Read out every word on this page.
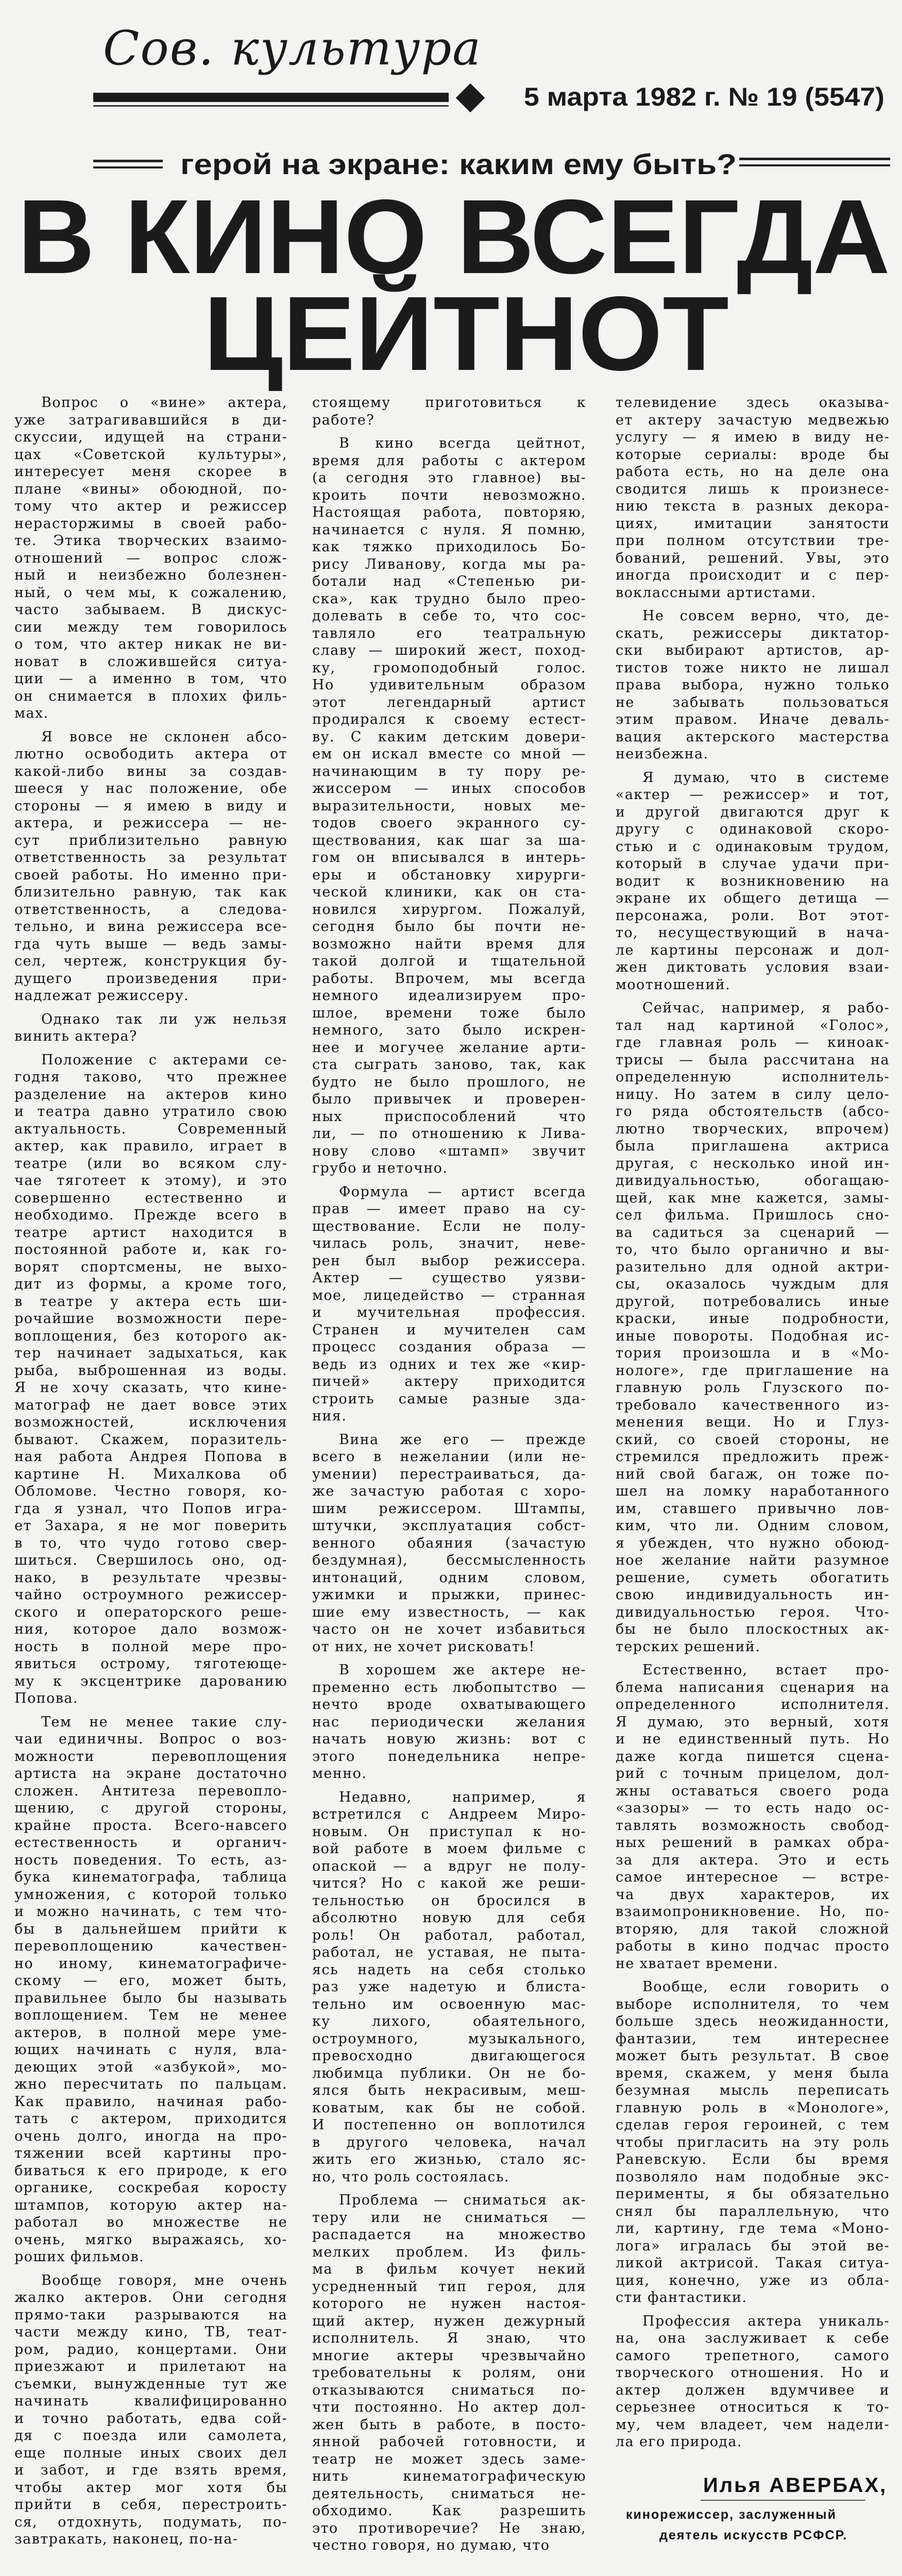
Сов. культура
5 марта 1982 г. № 19 (5547)
герой на экране: каким ему быть?
В КИНО ВСЕГДА
ЦЕЙТНОТ
Вопрос о «вине» актера,
уже затрагивавшийся в ди-
скуссии, идущей на страни-
цах «Советской культуры»,
интересует меня скорее в
плане «вины» обоюдной, по-
тому что актер и режиссер
нерасторжимы в своей рабо-
те. Этика творческих взаимо-
отношений — вопрос слож-
ный и неизбежно болезнен-
ный, о чем мы, к сожалению,
часто забываем. В дискус-
сии между тем говорилось
о том, что актер никак не ви-
новат в сложившейся ситуа-
ции — а именно в том, что
он снимается в плохих филь-
мах.
Я вовсе не склонен абсо-
лютно освободить актера от
какой-либо вины за создав-
шееся у нас положение, обе
стороны — я имею в виду и
актера, и режиссера — не-
сут приблизительно равную
ответственность за результат
своей работы. Но именно при-
близительно равную, так как
ответственность, а следова-
тельно, и вина режиссера все-
гда чуть выше — ведь замы-
сел, чертеж, конструкция бу-
дущего произведения при-
надлежат режиссеру.
Однако так ли уж нельзя
винить актера?
Положение с актерами се-
годня таково, что прежнее
разделение на актеров кино
и театра давно утратило свою
актуальность. Современный
актер, как правило, играет в
театре (или во всяком слу-
чае тяготеет к этому), и это
совершенно естественно и
необходимо. Прежде всего в
театре артист находится в
постоянной работе и, как го-
ворят спортсмены, не выхо-
дит из формы, а кроме того,
в театре у актера есть ши-
рочайшие возможности пере-
воплощения, без которого ак-
тер начинает задыхаться, как
рыба, выброшенная из воды.
Я не хочу сказать, что кине-
матограф не дает вовсе этих
возможностей, исключения
бывают. Скажем, поразитель-
ная работа Андрея Попова в
картине Н. Михалкова об
Обломове. Честно говоря, ко-
гда я узнал, что Попов игра-
ет Захара, я не мог поверить
в то, что чудо готово свер-
шиться. Свершилось оно, од-
нако, в результате чрезвы-
чайно остроумного режиссер-
ского и операторского реше-
ния, которое дало возмож-
ность в полной мере про-
явиться острому, тяготеюще-
му к эксцентрике дарованию
Попова.
Тем не менее такие слу-
чаи единичны. Вопрос о воз-
можности перевоплощения
артиста на экране достаточно
сложен. Антитеза перевопло-
щению, с другой стороны,
крайне проста. Всего-навсего
естественность и органич-
ность поведения. То есть, аз-
бука кинематографа, таблица
умножения, с которой только
и можно начинать, с тем что-
бы в дальнейшем прийти к
перевоплощению качествен-
но иному, кинематографиче-
скому — его, может быть,
правильнее было бы называть
воплощением. Тем не менее
актеров, в полной мере уме-
ющих начинать с нуля, вла-
деющих этой «азбукой», мо-
жно пересчитать по пальцам.
Как правило, начиная рабо-
тать с актером, приходится
очень долго, иногда на про-
тяжении всей картины про-
биваться к его природе, к его
органике, соскребая коросту
штампов, которую актер на-
работал во множестве не
очень, мягко выражаясь, хо-
роших фильмов.
Вообще говоря, мне очень
жалко актеров. Они сегодня
прямо-таки разрываются на
части между кино, ТВ, теат-
ром, радио, концертами. Они
приезжают и прилетают на
съемки, вынужденные тут же
начинать квалифицированно
и точно работать, едва сой-
дя с поезда или самолета,
еще полные иных своих дел
и забот, и где взять время,
чтобы актер мог хотя бы
прийти в себя, перестроить-
ся, отдохнуть, подумать, по-
завтракать, наконец, по-на-
стоящему приготовиться к
работе?
В кино всегда цейтнот,
время для работы с актером
(а сегодня это главное) вы-
кроить почти невозможно.
Настоящая работа, повторяю,
начинается с нуля. Я помню,
как тяжко приходилось Бо-
рису Ливанову, когда мы ра-
ботали над «Степенью ри-
ска», как трудно было прео-
долевать в себе то, что сос-
тавляло его театральную
славу — широкий жест, поход-
ку, громоподобный голос.
Но удивительным образом
этот легендарный артист
продирался к своему естест-
ву. С каким детским довери-
ем он искал вместе со мной —
начинающим в ту пору ре-
жиссером — иных способов
выразительности, новых ме-
тодов своего экранного су-
ществования, как шаг за ша-
гом он вписывался в интерь-
еры и обстановку хирурги-
ческой клиники, как он ста-
новился хирургом. Пожалуй,
сегодня было бы почти не-
возможно найти время для
такой долгой и тщательной
работы. Впрочем, мы всегда
немного идеализируем про-
шлое, времени тоже было
немного, зато было искрен-
нее и могучее желание арти-
ста сыграть заново, так, как
будто не было прошлого, не
было привычек и проверен-
ных приспособлений что
ли, — по отношению к Лива-
нову слово «штамп» звучит
грубо и неточно.
Формула — артист всегда
прав — имеет право на су-
ществование. Если не полу-
чилась роль, значит, неве-
рен был выбор режиссера.
Актер — существо уязви-
мое, лицедейство — странная
и мучительная профессия.
Странен и мучителен сам
процесс создания образа —
ведь из одних и тех же «кир-
пичей» актеру приходится
строить самые разные зда-
ния.
Вина же его — прежде
всего в нежелании (или не-
умении) перестраиваться, да-
же зачастую работая с хоро-
шим режиссером. Штампы,
штучки, эксплуатация собст-
венного обаяния (зачастую
бездумная), бессмысленность
интонаций, одним словом,
ужимки и прыжки, принес-
шие ему известность, — как
часто он не хочет избавиться
от них, не хочет рисковать!
В хорошем же актере не-
пременно есть любопытство —
нечто вроде охватывающего
нас периодически желания
начать новую жизнь: вот с
этого понедельника непре-
менно.
Недавно, например, я
встретился с Андреем Миро-
новым. Он приступал к но-
вой работе в моем фильме с
опаской — а вдруг не полу-
чится? Но с какой же реши-
тельностью он бросился в
абсолютно новую для себя
роль! Он работал, работал,
работал, не уставая, не пыта-
ясь надеть на себя столько
раз уже надетую и блиста-
тельно им освоенную мас-
ку лихого, обаятельного,
остроумного, музыкального,
превосходно двигающегося
любимца публики. Он не бо-
ялся быть некрасивым, меш-
коватым, как бы не собой.
И постепенно он воплотился
в другого человека, начал
жить его жизнью, стало яс-
но, что роль состоялась.
Проблема — сниматься ак-
теру или не сниматься —
распадается на множество
мелких проблем. Из филь-
ма в фильм кочует некий
усредненный тип героя, для
которого не нужен настоя-
щий актер, нужен дежурный
исполнитель. Я знаю, что
многие актеры чрезвычайно
требовательны к ролям, они
отказываются сниматься по-
чти постоянно. Но актер дол-
жен быть в работе, в посто-
янной рабочей готовности, и
театр не может здесь заме-
нить кинематографическую
деятельность, сниматься не-
обходимо. Как разрешить
это противоречие? Не знаю,
честно говоря, но думаю, что
телевидение здесь оказыва-
ет актеру зачастую медвежью
услугу — я имею в виду не-
которые сериалы: вроде бы
работа есть, но на деле она
сводится лишь к произнесе-
нию текста в разных декора-
циях, имитации занятости
при полном отсутствии тре-
бований, решений. Увы, это
иногда происходит и с пер-
воклассными артистами.
Не совсем верно, что, де-
скать, режиссеры диктатор-
ски выбирают артистов, ар-
тистов тоже никто не лишал
права выбора, нужно только
не забывать пользоваться
этим правом. Иначе деваль-
вация актерского мастерства
неизбежна.
Я думаю, что в системе
«актер — режиссер» и тот,
и другой двигаются друг к
другу с одинаковой скоро-
стью и с одинаковым трудом,
который в случае удачи при-
водит к возникновению на
экране их общего детища —
персонажа, роли. Вот этот-
то, несуществующий в нача-
ле картины персонаж и дол-
жен диктовать условия взаи-
моотношений.
Сейчас, например, я рабо-
тал над картиной «Голос»,
где главная роль — киноак-
трисы — была рассчитана на
определенную исполнитель-
ницу. Но затем в силу цело-
го ряда обстоятельств (абсо-
лютно творческих, впрочем)
была приглашена актриса
другая, с несколько иной ин-
дивидуальностью, обогащаю-
щей, как мне кажется, замы-
сел фильма. Пришлось сно-
ва садиться за сценарий —
то, что было органично и вы-
разительно для одной актри-
сы, оказалось чуждым для
другой, потребовались иные
краски, иные подробности,
иные повороты. Подобная ис-
тория произошла и в «Мо-
нологе», где приглашение на
главную роль Глузского по-
требовало качественного из-
менения вещи. Но и Глуз-
ский, со своей стороны, не
стремился предложить преж-
ний свой багаж, он тоже по-
шел на ломку наработанного
им, ставшего привычно лов-
ким, что ли. Одним словом,
я убежден, что нужно обоюд-
ное желание найти разумное
решение, суметь обогатить
свою индивидуальность ин-
дивидуальностью героя. Что-
бы не было плоскостных ак-
терских решений.
Естественно, встает про-
блема написания сценария на
определенного исполнителя.
Я думаю, это верный, хотя
и не единственный путь. Но
даже когда пишется сцена-
рий с точным прицелом, дол-
жны оставаться своего рода
«зазоры» — то есть надо ос-
тавлять возможность свобод-
ных решений в рамках обра-
за для актера. Это и есть
самое интересное — встре-
ча двух характеров, их
взаимопроникновение. Но, по-
вторяю, для такой сложной
работы в кино подчас просто
не хватает времени.
Вообще, если говорить о
выборе исполнителя, то чем
больше здесь неожиданности,
фантазии, тем интереснее
может быть результат. В свое
время, скажем, у меня была
безумная мысль переписать
главную роль в «Монологе»,
сделав героя героиней, с тем
чтобы пригласить на эту роль
Раневскую. Если бы время
позволяло нам подобные экс-
перименты, я бы обязательно
снял бы параллельную, что
ли, картину, где тема «Моно-
лога» игралась бы этой ве-
ликой актрисой. Такая ситуа-
ция, конечно, уже из обла-
сти фантастики.
Профессия актера уникаль-
на, она заслуживает к себе
самого трепетного, самого
творческого отношения. Но и
актер должен вдумчивее и
серьезнее относиться к то-
му, чем владеет, чем надели-
ла его природа.
Илья АВЕРБАХ,
кинорежиссер, заслуженный
деятель искусств РСФСР.
